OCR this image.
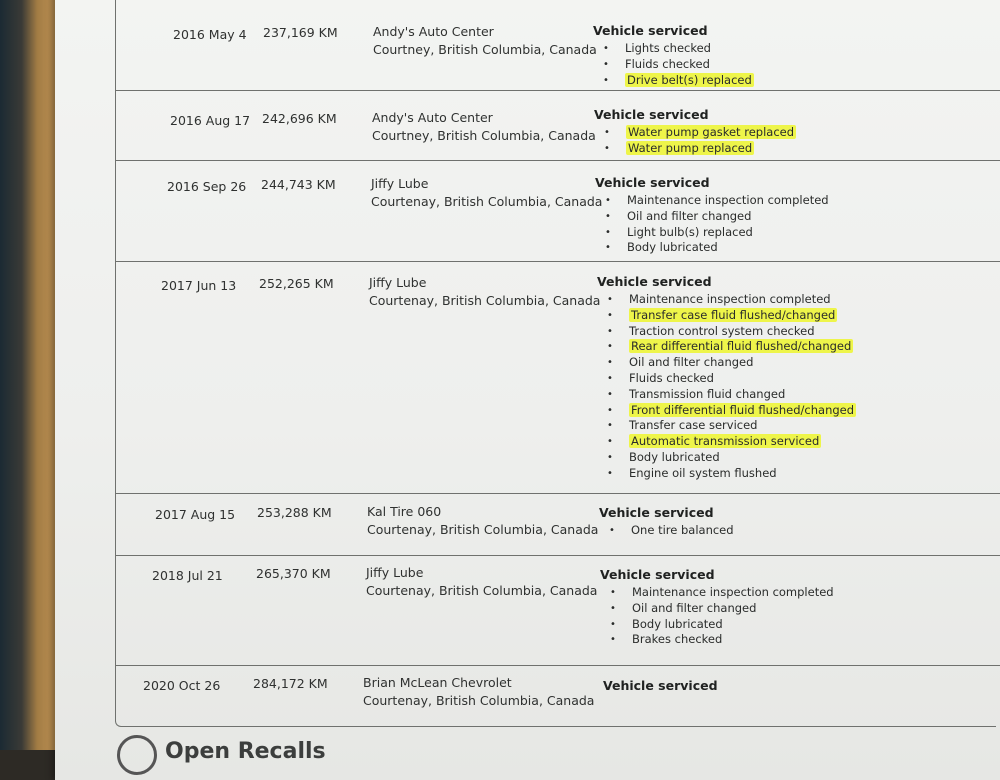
2016 May 4 237,169 KM	Andy's Auto Center
Courtney, British Columbia, Canada
Vehicle serviced
• Lights checked
• Fluids checked
• Drive belt(s) replaced
2016 Aug 17 242,696 KM	Andy's Auto Center
Courtney, British Columbia, Canada
Vehicle serviced
• Water pump gasket replaced
• Water pump replaced
2016 Sep 26 244,743 KM	Jiffy Lube
Courtenay, British Columbia, Canada
Vehicle serviced
• Maintenance inspection completed
• Oil and filter changed
• Light bulb(s) replaced
• Body lubricated
2017 Jun 13 252,265 KM	Jiffy Lube
Courtenay, British Columbia, Canada
Vehicle serviced
• Maintenance inspection completed
• Transfer case fluid flushed/changed
• Traction control system checked
• Rear differential fluid flushed/changed
• Oil and filter changed
• Fluids checked
• Transmission fluid changed
• Front differential fluid flushed/changed
• Transfer case serviced
• Automatic transmission serviced
• Body lubricated
• Engine oil system flushed
2017 Aug 15 253,288 KM	Kal Tire 060
Courtenay, British Columbia, Canada
Vehicle serviced
• One tire balanced
2018 Jul 21	265,370 KM	Jiffy Lube
Courtenay, British Columbia, Canada
Vehicle serviced
• Maintenance inspection completed
• Oil and filter changed
• Body lubricated
• Brakes checked
2020 Oct 26	284,172 KM	Brian McLean Chevrolet
Courtenay, British Columbia, Canada
Vehicle serviced
Open Recalls
